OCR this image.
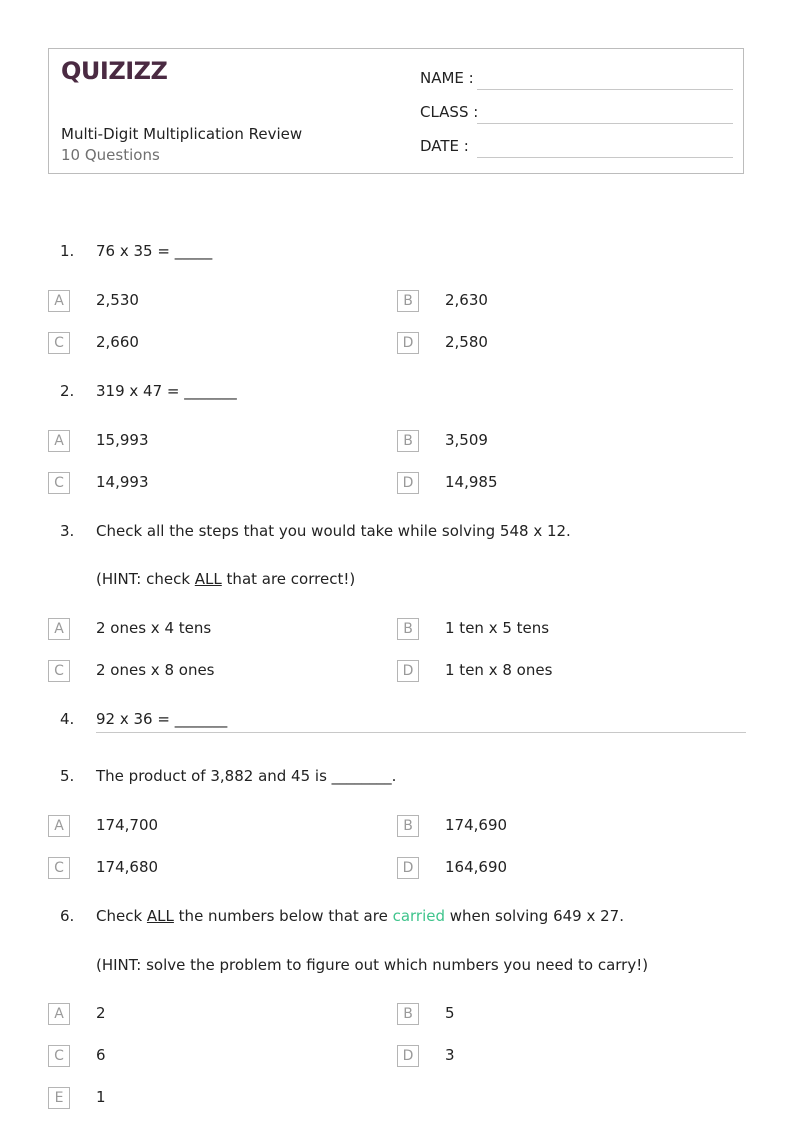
QUIZIZZ
Multi-Digit Multiplication Review
10 Questions
NAME :
CLASS :
DATE :
1. 76 x 35 = _____
A	2,530	B	2,630
C	2,660	D	2,580
2. 319 x 47 = _______
A	15,993	B	3,509
C	14,993	D	14,985
3. Check all the steps that you would take while solving 548 x 12.
(HINT: check ALL that are correct!)
A	2 ones x 4 tens	B	1 ten x 5 tens
C	2 ones x 8 ones	D	1 ten x 8 ones
4. 92 x 36 = _______
5. The product of 3,882 and 45 is ________.
A	174,700	B	174,690
C	174,680	D	164,690
6. Check ALL the numbers below that are carried when solving 649 x 27.
(HINT: solve the problem to figure out which numbers you need to carry!)
A	2	B	5
C	6	D	3
E	1
